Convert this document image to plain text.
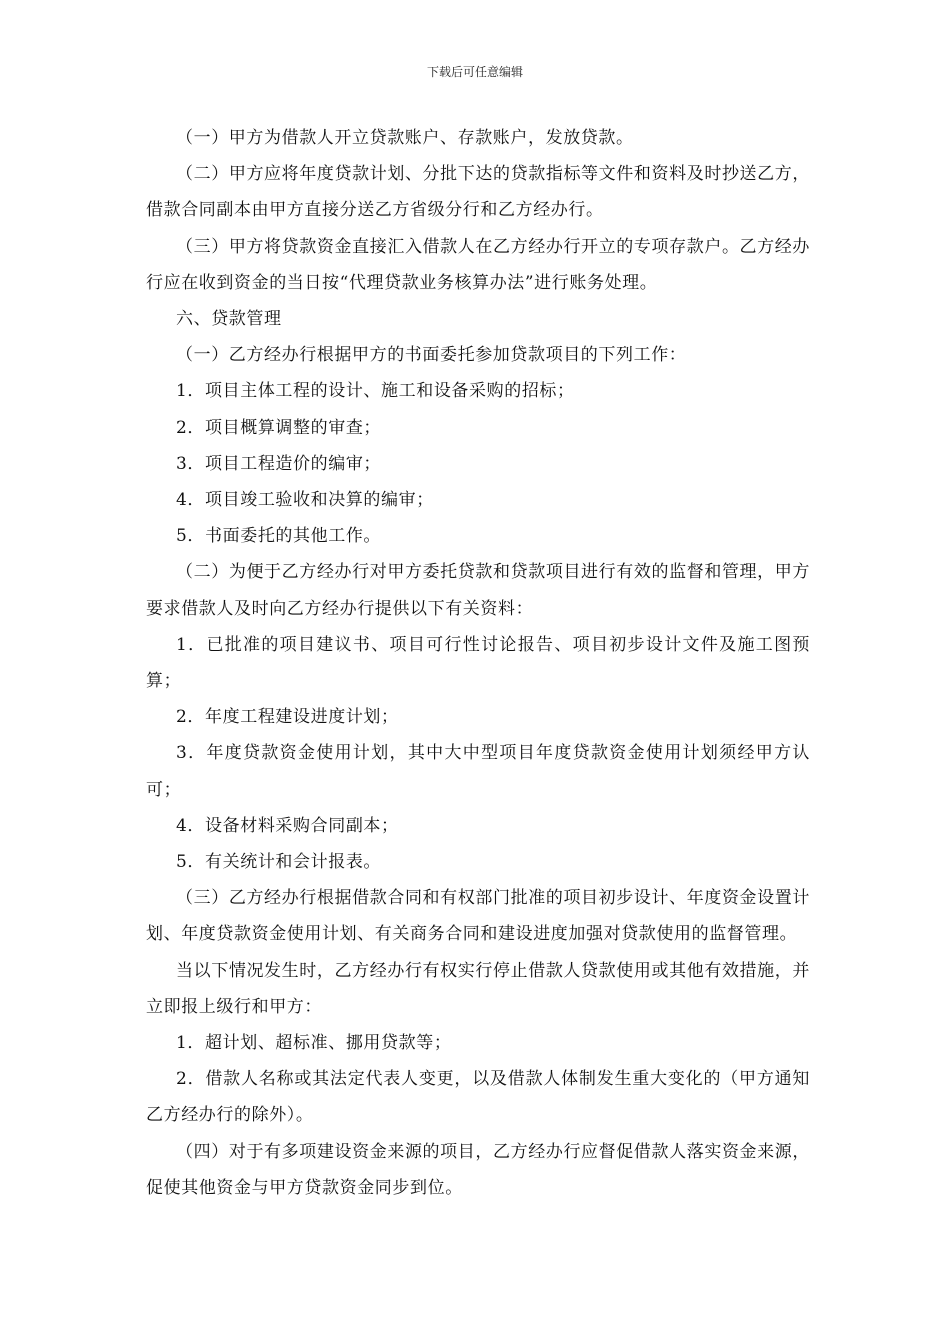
下载后可任意编辑

（一）甲方为借款人开立贷款账户、存款账户，发放贷款。

（二）甲方应将年度贷款计划、分批下达的贷款指标等文件和资料及时抄送乙方，借款合同副本由甲方直接分送乙方省级分行和乙方经办行。

（三）甲方将贷款资金直接汇入借款人在乙方经办行开立的专项存款户。乙方经办行应在收到资金的当日按“代理贷款业务核算办法”进行账务处理。

六、贷款管理

（一）乙方经办行根据甲方的书面委托参加贷款项目的下列工作：

1．项目主体工程的设计、施工和设备采购的招标；

2．项目概算调整的审查；

3．项目工程造价的编审；

4．项目竣工验收和决算的编审；

5．书面委托的其他工作。

（二）为便于乙方经办行对甲方委托贷款和贷款项目进行有效的监督和管理，甲方要求借款人及时向乙方经办行提供以下有关资料：

1．已批准的项目建议书、项目可行性讨论报告、项目初步设计文件及施工图预算；

2．年度工程建设进度计划；

3．年度贷款资金使用计划，其中大中型项目年度贷款资金使用计划须经甲方认可；

4．设备材料采购合同副本；

5．有关统计和会计报表。

（三）乙方经办行根据借款合同和有权部门批准的项目初步设计、年度资金设置计划、年度贷款资金使用计划、有关商务合同和建设进度加强对贷款使用的监督管理。

当以下情况发生时，乙方经办行有权实行停止借款人贷款使用或其他有效措施，并立即报上级行和甲方：

1．超计划、超标准、挪用贷款等；

2．借款人名称或其法定代表人变更，以及借款人体制发生重大变化的（甲方通知乙方经办行的除外）。

（四）对于有多项建设资金来源的项目，乙方经办行应督促借款人落实资金来源，促使其他资金与甲方贷款资金同步到位。
